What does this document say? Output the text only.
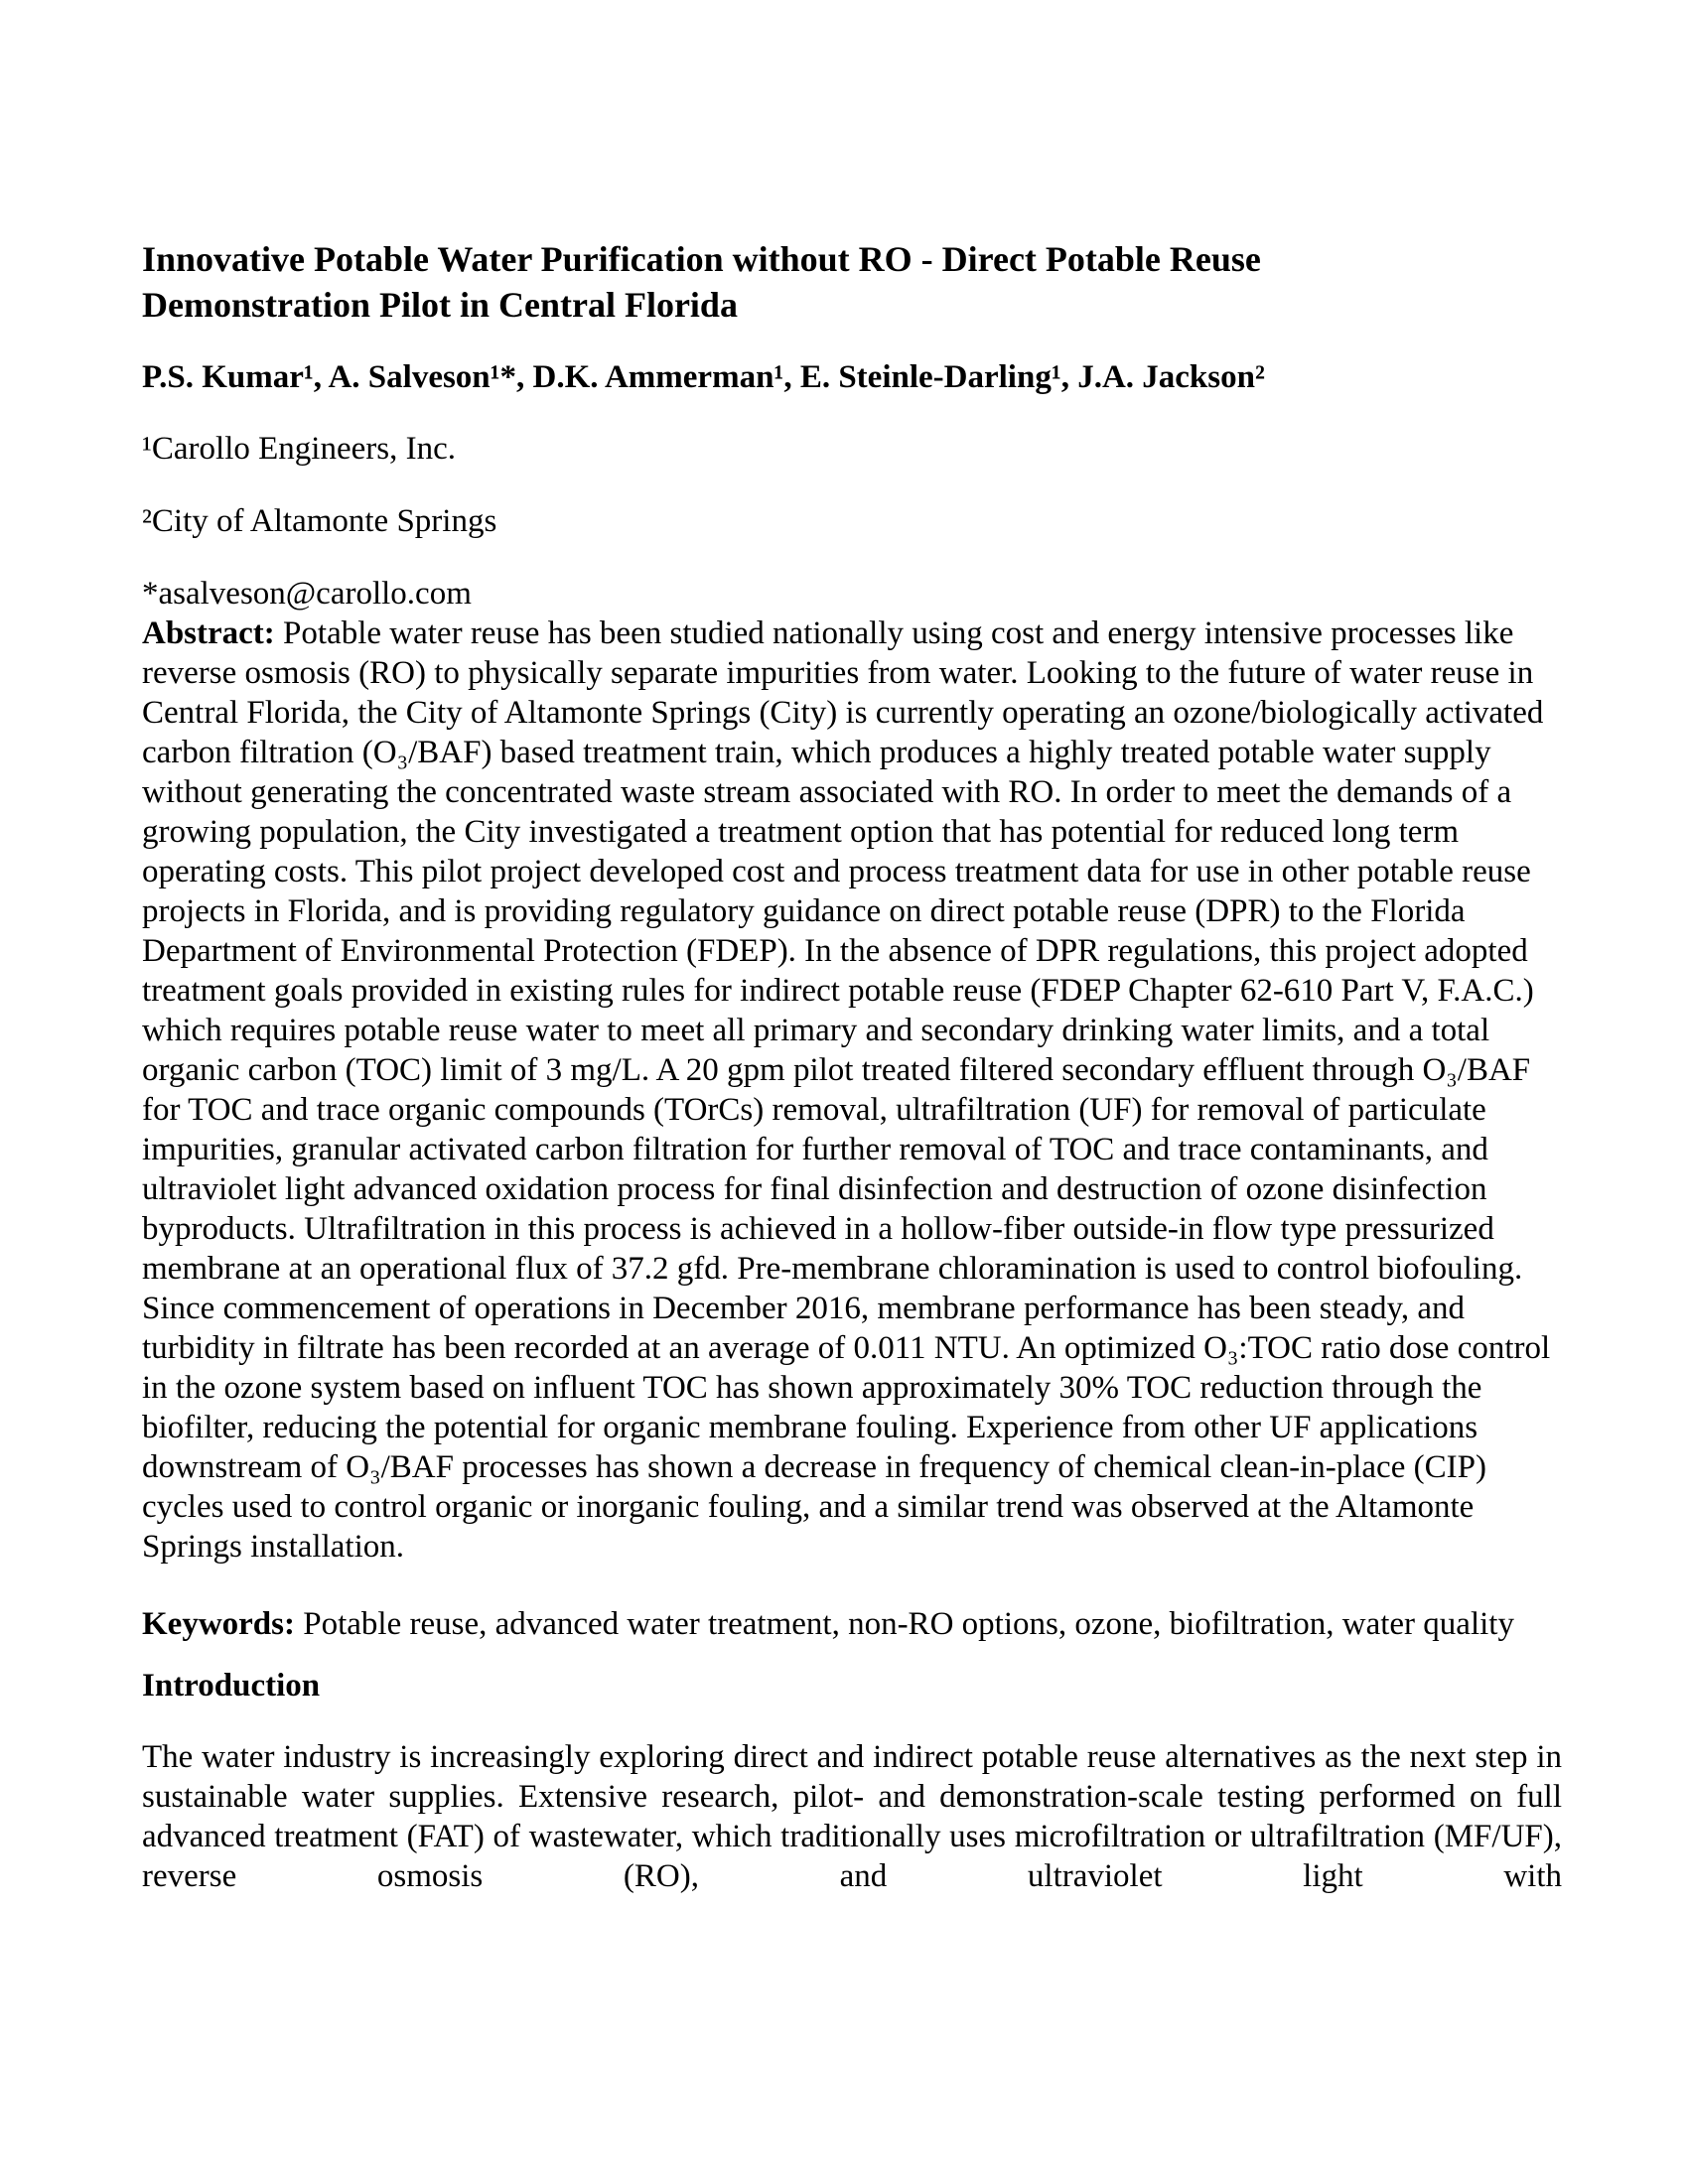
Innovative Potable Water Purification without RO - Direct Potable Reuse
Demonstration Pilot in Central Florida

P.S. Kumar¹, A. Salveson¹*, D.K. Ammerman¹, E. Steinle-Darling¹, J.A. Jackson²

¹Carollo Engineers, Inc.

²City of Altamonte Springs

*asalveson@carollo.com

Abstract: Potable water reuse has been studied nationally using cost and energy intensive processes like reverse osmosis (RO) to physically separate impurities from water. Looking to the future of water reuse in Central Florida, the City of Altamonte Springs (City) is currently operating an ozone/biologically activated carbon filtration (O₃/BAF) based treatment train, which produces a highly treated potable water supply without generating the concentrated waste stream associated with RO. In order to meet the demands of a growing population, the City investigated a treatment option that has potential for reduced long term operating costs. This pilot project developed cost and process treatment data for use in other potable reuse projects in Florida, and is providing regulatory guidance on direct potable reuse (DPR) to the Florida Department of Environmental Protection (FDEP). In the absence of DPR regulations, this project adopted treatment goals provided in existing rules for indirect potable reuse (FDEP Chapter 62-610 Part V, F.A.C.) which requires potable reuse water to meet all primary and secondary drinking water limits, and a total organic carbon (TOC) limit of 3 mg/L. A 20 gpm pilot treated filtered secondary effluent through O₃/BAF for TOC and trace organic compounds (TOrCs) removal, ultrafiltration (UF) for removal of particulate impurities, granular activated carbon filtration for further removal of TOC and trace contaminants, and ultraviolet light advanced oxidation process for final disinfection and destruction of ozone disinfection byproducts. Ultrafiltration in this process is achieved in a hollow-fiber outside-in flow type pressurized membrane at an operational flux of 37.2 gfd. Pre-membrane chloramination is used to control biofouling. Since commencement of operations in December 2016, membrane performance has been steady, and turbidity in filtrate has been recorded at an average of 0.011 NTU. An optimized O₃:TOC ratio dose control in the ozone system based on influent TOC has shown approximately 30% TOC reduction through the biofilter, reducing the potential for organic membrane fouling. Experience from other UF applications downstream of O₃/BAF processes has shown a decrease in frequency of chemical clean-in-place (CIP) cycles used to control organic or inorganic fouling, and a similar trend was observed at the Altamonte Springs installation.

Keywords: Potable reuse, advanced water treatment, non-RO options, ozone, biofiltration, water quality

Introduction

The water industry is increasingly exploring direct and indirect potable reuse alternatives as the next step in sustainable water supplies. Extensive research, pilot- and demonstration-scale testing performed on full advanced treatment (FAT) of wastewater, which traditionally uses microfiltration or ultrafiltration (MF/UF), reverse osmosis (RO), and ultraviolet light with
